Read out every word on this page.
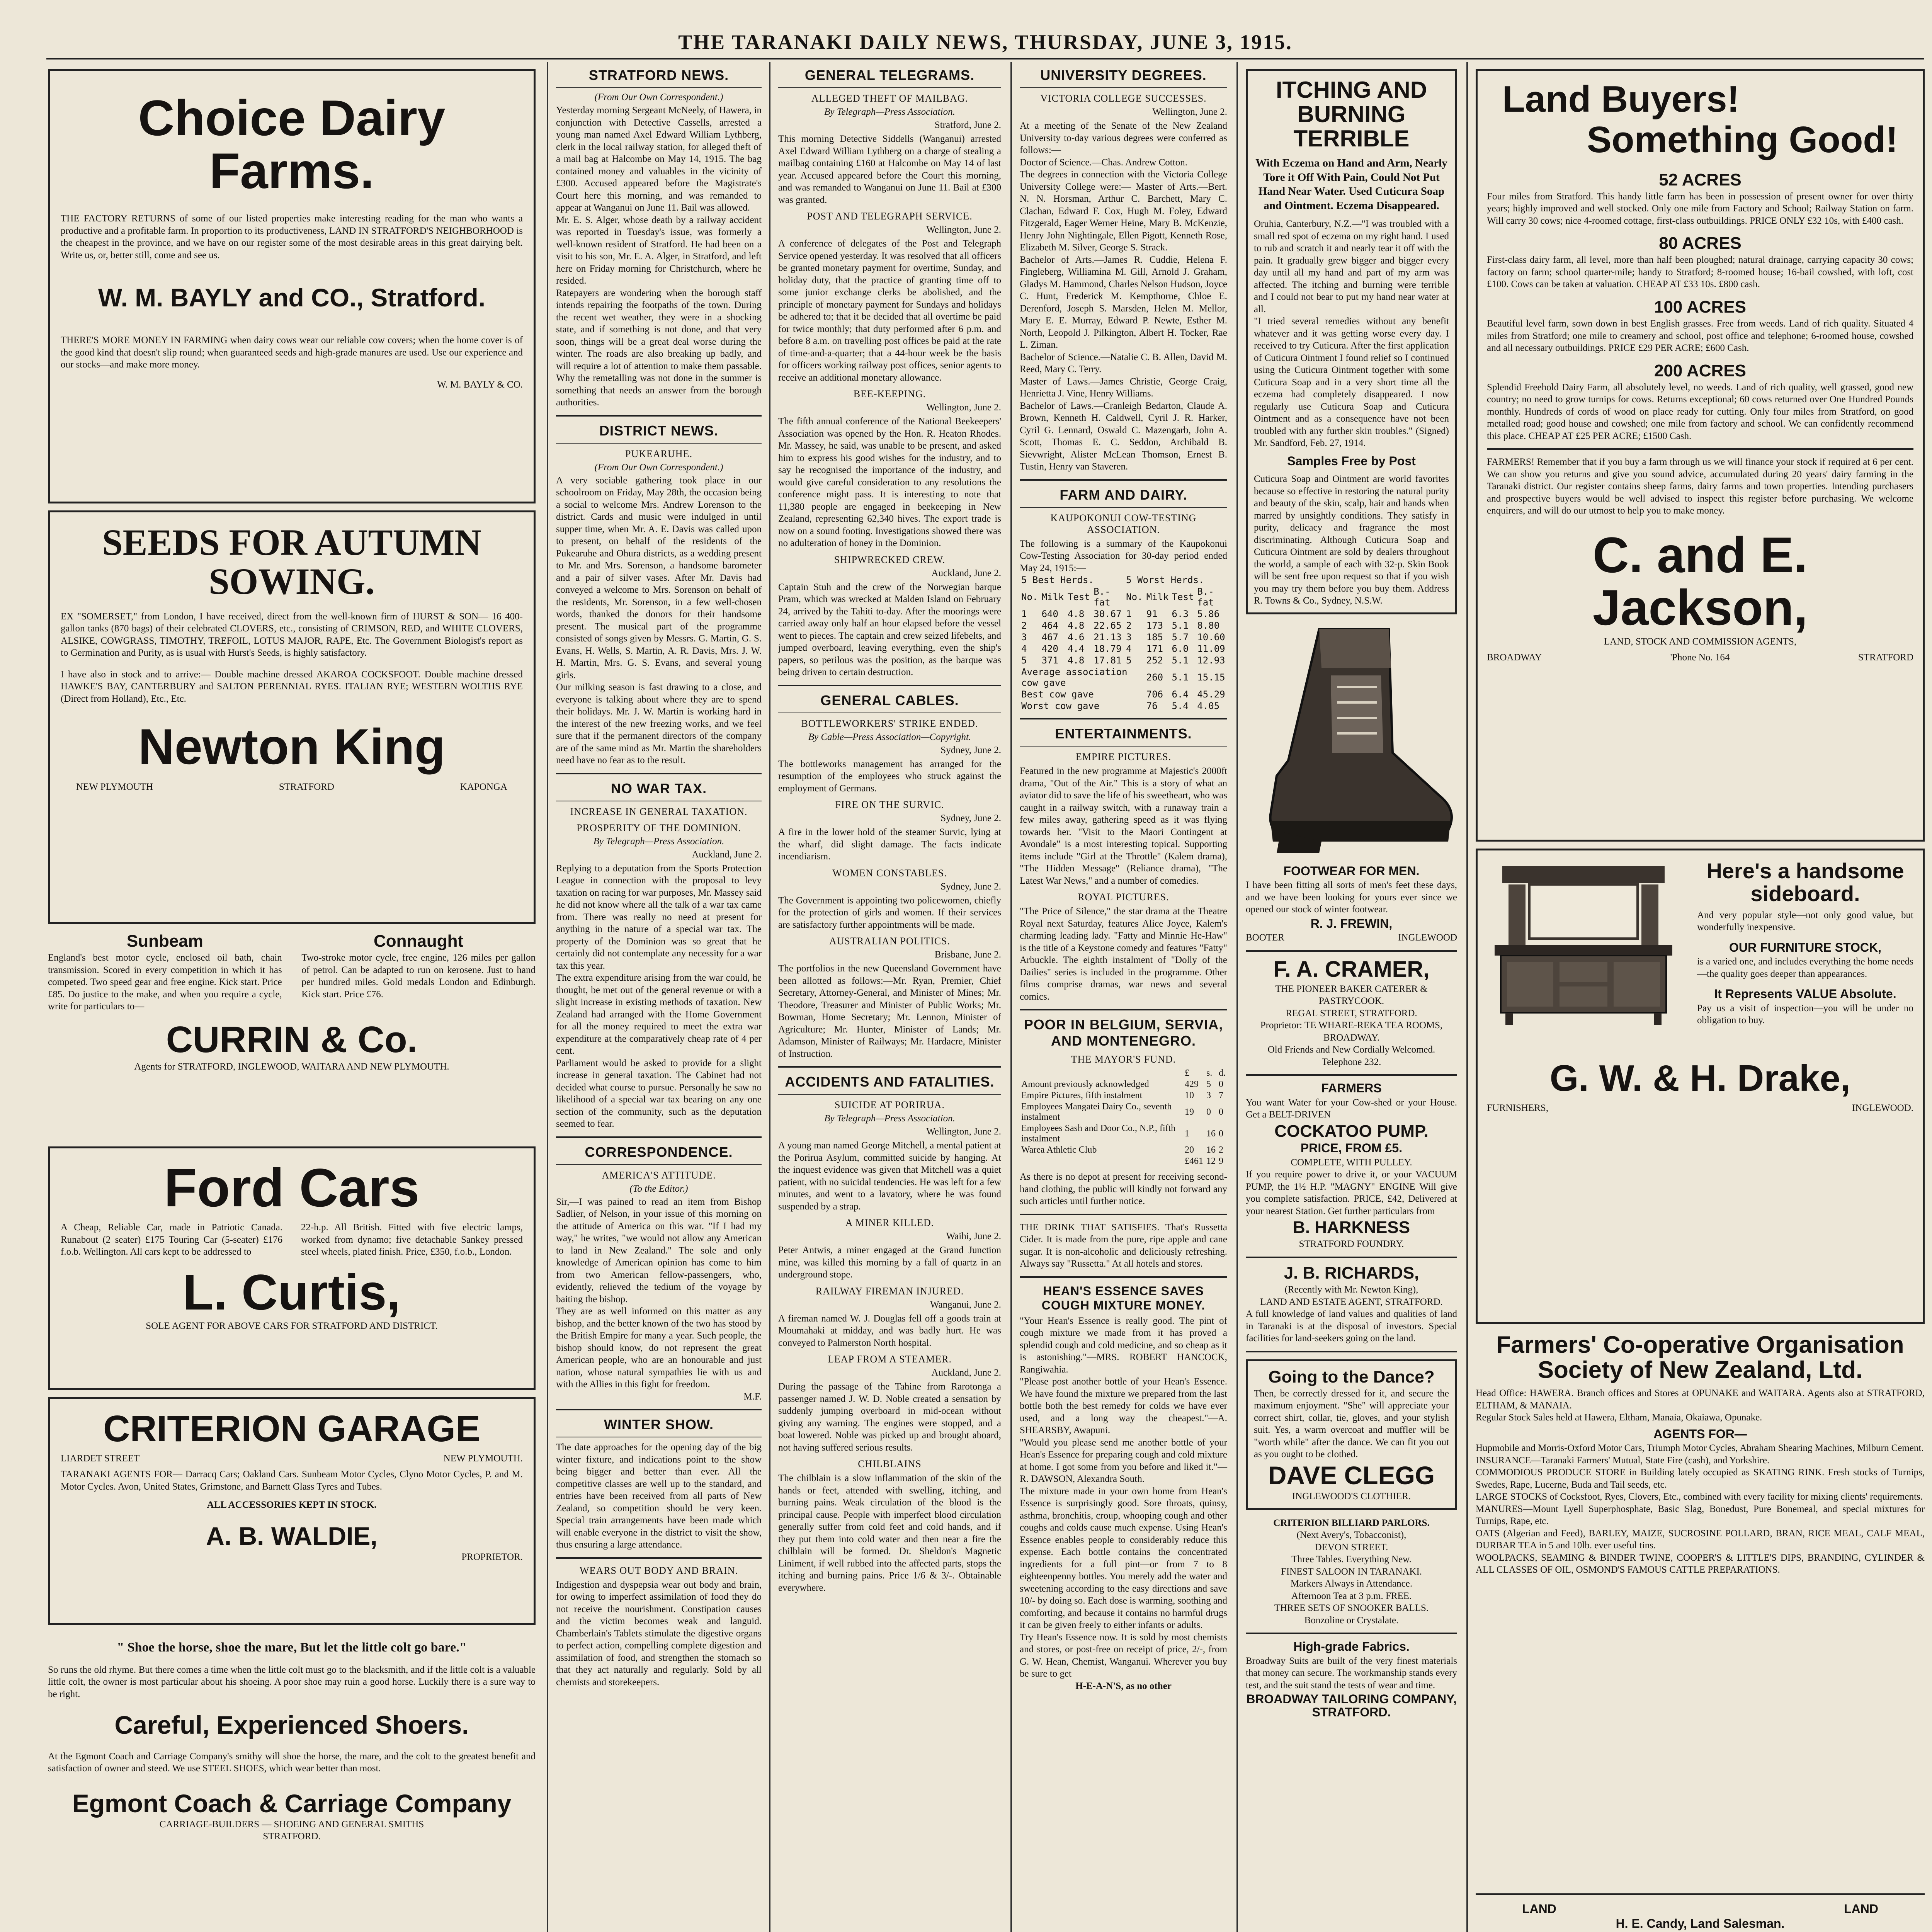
THE TARANAKI DAILY NEWS, THURSDAY, JUNE 3, 1915.
Choice Dairy Farms.

THE FACTORY RETURNS of some of our listed properties make interesting reading for the man who wants a productive and a profitable farm. In proportion to its productiveness, LAND IN STRATFORD'S NEIGHBORHOOD is the cheapest in the province, and we have on our register some of the most desirable areas in this great dairying belt. Write us, or, better still, come and see us.

W. M. BAYLY and CO., Stratford.

THERE'S MORE MONEY IN FARMING when dairy cows wear our reliable cow covers; when the home cover is of the good kind that doesn't slip round; when guaranteed seeds and high-grade manures are used. Use our experience and our stocks—and make more money.

W. M. BAYLY & CO.

SEEDS FOR AUTUMN SOWING.

EX "SOMERSET," from London, I have received, direct from the well-known firm of HURST & SON— 16 400-gallon tanks (870 bags) of their celebrated CLOVERS, etc., consisting of CRIMSON, RED, and WHITE CLOVERS, ALSIKE, COWGRASS, TIMOTHY, TREFOIL, LOTUS MAJOR, RAPE, Etc. The Government Biologist's report as to Germination and Purity, as is usual with Hurst's Seeds, is highly satisfactory.

I have also in stock and to arrive:— Double machine dressed AKAROA COCKSFOOT. Double machine dressed HAWKE'S BAY, CANTERBURY and SALTON PERENNIAL RYES. ITALIAN RYE; WESTERN WOLTHS RYE (Direct from Holland), Etc., Etc.

Newton King
NEW PLYMOUTH	STRATFORD	KAPONGA
Sunbeam

England's best motor cycle, enclosed oil bath, chain transmission. Scored in every competition in which it has competed. Two speed gear and free engine. Kick start. Price £85. Do justice to the make, and when you require a cycle, write for particulars to—

Connaught

Two-stroke motor cycle, free engine, 126 miles per gallon of petrol. Can be adapted to run on kerosene. Just to hand per hundred miles. Gold medals London and Edinburgh. Kick start. Price £76.

CURRIN & Co.

Agents for STRATFORD, INGLEWOOD, WAITARA AND NEW PLYMOUTH.

Ford Cars

A Cheap, Reliable Car, made in Patriotic Canada. Runabout (2 seater) £175 Touring Car (5-seater) £176 f.o.b. Wellington. All cars kept to be addressed to

22-h.p. All British. Fitted with five electric lamps, worked from dynamo; five detachable Sankey pressed steel wheels, plated finish. Price, £350, f.o.b., London.

L. Curtis,

SOLE AGENT FOR ABOVE CARS FOR STRATFORD AND DISTRICT.

CRITERION GARAGE
LIARDET STREET	NEW PLYMOUTH.

TARANAKI AGENTS FOR— Darracq Cars; Oakland Cars. Sunbeam Motor Cycles, Clyno Motor Cycles, P. and M. Motor Cycles. Avon, United States, Grimstone, and Barnett Glass Tyres and Tubes.

ALL ACCESSORIES KEPT IN STOCK.

A. B. WALDIE,

PROPRIETOR.

" Shoe the horse, shoe the mare, But let the little colt go bare."

So runs the old rhyme. But there comes a time when the little colt must go to the blacksmith, and if the little colt is a valuable little colt, the owner is most particular about his shoeing. A poor shoe may ruin a good horse. Luckily there is a sure way to be right.

Careful, Experienced Shoers.

At the Egmont Coach and Carriage Company's smithy will shoe the horse, the mare, and the colt to the greatest benefit and satisfaction of owner and steed. We use STEEL SHOES, which wear better than most.

Egmont Coach & Carriage Company

CARRIAGE-BUILDERS — SHOEING AND GENERAL SMITHS

STRATFORD.

STRATFORD NEWS.
(From Our Own Correspondent.)

Yesterday morning Sergeant McNeely, of Hawera, in conjunction with Detective Cassells, arrested a young man named Axel Edward William Lythberg, clerk in the local railway station, for alleged theft of a mail bag at Halcombe on May 14, 1915. The bag contained money and valuables in the vicinity of £300. Accused appeared before the Magistrate's Court here this morning, and was remanded to appear at Wanganui on June 11. Bail was allowed.

Mr. E. S. Alger, whose death by a railway accident was reported in Tuesday's issue, was formerly a well-known resident of Stratford. He had been on a visit to his son, Mr. E. A. Alger, in Stratford, and left here on Friday morning for Christchurch, where he resided.

Ratepayers are wondering when the borough staff intends repairing the footpaths of the town. During the recent wet weather, they were in a shocking state, and if something is not done, and that very soon, things will be a great deal worse during the winter. The roads are also breaking up badly, and will require a lot of attention to make them passable. Why the remetalling was not done in the summer is something that needs an answer from the borough authorities.

DISTRICT NEWS.
PUKEARUHE.
(From Our Own Correspondent.)

A very sociable gathering took place in our schoolroom on Friday, May 28th, the occasion being a social to welcome Mrs. Andrew Lorenson to the district. Cards and music were indulged in until supper time, when Mr. A. E. Davis was called upon to present, on behalf of the residents of the Pukearuhe and Ohura districts, as a wedding present to Mr. and Mrs. Sorenson, a handsome barometer and a pair of silver vases. After Mr. Davis had conveyed a welcome to Mrs. Sorenson on behalf of the residents, Mr. Sorenson, in a few well-chosen words, thanked the donors for their handsome present. The musical part of the programme consisted of songs given by Messrs. G. Martin, G. S. Evans, H. Wells, S. Martin, A. R. Davis, Mrs. J. W. H. Martin, Mrs. G. S. Evans, and several young girls.

Our milking season is fast drawing to a close, and everyone is talking about where they are to spend their holidays. Mr. J. W. Martin is working hard in the interest of the new freezing works, and we feel sure that if the permanent directors of the company are of the same mind as Mr. Martin the shareholders need have no fear as to the result.

NO WAR TAX.
INCREASE IN GENERAL TAXATION.
PROSPERITY OF THE DOMINION.
By Telegraph—Press Association.
Auckland, June 2.

Replying to a deputation from the Sports Protection League in connection with the proposal to levy taxation on racing for war purposes, Mr. Massey said he did not know where all the talk of a war tax came from. There was really no need at present for anything in the nature of a special war tax. The property of the Dominion was so great that he certainly did not contemplate any necessity for a war tax this year.

The extra expenditure arising from the war could, he thought, be met out of the general revenue or with a slight increase in existing methods of taxation. New Zealand had arranged with the Home Government for all the money required to meet the extra war expenditure at the comparatively cheap rate of 4 per cent.

Parliament would be asked to provide for a slight increase in general taxation. The Cabinet had not decided what course to pursue. Personally he saw no likelihood of a special war tax bearing on any one section of the community, such as the deputation seemed to fear.

CORRESPONDENCE.
AMERICA'S ATTITUDE.
(To the Editor.)

Sir,—I was pained to read an item from Bishop Sadlier, of Nelson, in your issue of this morning on the attitude of America on this war. "If I had my way," he writes, "we would not allow any American to land in New Zealand." The sole and only knowledge of American opinion has come to him from two American fellow-passengers, who, evidently, relieved the tedium of the voyage by baiting the bishop.

They are as well informed on this matter as any bishop, and the better known of the two has stood by the British Empire for many a year. Such people, the bishop should know, do not represent the great American people, who are an honourable and just nation, whose natural sympathies lie with us and with the Allies in this fight for freedom.

M.F.

WINTER SHOW.

The date approaches for the opening day of the big winter fixture, and indications point to the show being bigger and better than ever. All the competitive classes are well up to the standard, and entries have been received from all parts of New Zealand, so competition should be very keen. Special train arrangements have been made which will enable everyone in the district to visit the show, thus ensuring a large attendance.

WEARS OUT BODY AND BRAIN.

Indigestion and dyspepsia wear out body and brain, for owing to imperfect assimilation of food they do not receive the nourishment. Constipation causes and the victim becomes weak and languid. Chamberlain's Tablets stimulate the digestive organs to perfect action, compelling complete digestion and assimilation of food, and strengthen the stomach so that they act naturally and regularly. Sold by all chemists and storekeepers.

GENERAL TELEGRAMS.
ALLEGED THEFT OF MAILBAG.
By Telegraph—Press Association.
Stratford, June 2.

This morning Detective Siddells (Wanganui) arrested Axel Edward William Lythberg on a charge of stealing a mailbag containing £160 at Halcombe on May 14 of last year. Accused appeared before the Court this morning, and was remanded to Wanganui on June 11. Bail at £300 was granted.

POST AND TELEGRAPH SERVICE.
Wellington, June 2.

A conference of delegates of the Post and Telegraph Service opened yesterday. It was resolved that all officers be granted monetary payment for overtime, Sunday, and holiday duty, that the practice of granting time off to some junior exchange clerks be abolished, and the principle of monetary payment for Sundays and holidays be adhered to; that it be decided that all overtime be paid for twice monthly; that duty performed after 6 p.m. and before 8 a.m. on travelling post offices be paid at the rate of time-and-a-quarter; that a 44-hour week be the basis for officers working railway post offices, senior agents to receive an additional monetary allowance.

BEE-KEEPING.
Wellington, June 2.

The fifth annual conference of the National Beekeepers' Association was opened by the Hon. R. Heaton Rhodes. Mr. Massey, he said, was unable to be present, and asked him to express his good wishes for the industry, and to say he recognised the importance of the industry, and would give careful consideration to any resolutions the conference might pass. It is interesting to note that 11,380 people are engaged in beekeeping in New Zealand, representing 62,340 hives. The export trade is now on a sound footing. Investigations showed there was no adulteration of honey in the Dominion.

SHIPWRECKED CREW.
Auckland, June 2.

Captain Stuh and the crew of the Norwegian barque Pram, which was wrecked at Malden Island on February 24, arrived by the Tahiti to-day. After the moorings were carried away only half an hour elapsed before the vessel went to pieces. The captain and crew seized lifebelts, and jumped overboard, leaving everything, even the ship's papers, so perilous was the position, as the barque was being driven to certain destruction.

GENERAL CABLES.
BOTTLEWORKERS' STRIKE ENDED.
By Cable—Press Association—Copyright.
Sydney, June 2.

The bottleworks management has arranged for the resumption of the employees who struck against the employment of Germans.

FIRE ON THE SURVIC.
Sydney, June 2.

A fire in the lower hold of the steamer Survic, lying at the wharf, did slight damage. The facts indicate incendiarism.

WOMEN CONSTABLES.
Sydney, June 2.

The Government is appointing two policewomen, chiefly for the protection of girls and women. If their services are satisfactory further appointments will be made.

AUSTRALIAN POLITICS.
Brisbane, June 2.

The portfolios in the new Queensland Government have been allotted as follows:—Mr. Ryan, Premier, Chief Secretary, Attorney-General, and Minister of Mines; Mr. Theodore, Treasurer and Minister of Public Works; Mr. Bowman, Home Secretary; Mr. Lennon, Minister of Agriculture; Mr. Hunter, Minister of Lands; Mr. Adamson, Minister of Railways; Mr. Hardacre, Minister of Instruction.

ACCIDENTS AND FATALITIES.
SUICIDE AT PORIRUA.
By Telegraph—Press Association.
Wellington, June 2.

A young man named George Mitchell, a mental patient at the Porirua Asylum, committed suicide by hanging. At the inquest evidence was given that Mitchell was a quiet patient, with no suicidal tendencies. He was left for a few minutes, and went to a lavatory, where he was found suspended by a strap.

A MINER KILLED.
Waihi, June 2.

Peter Antwis, a miner engaged at the Grand Junction mine, was killed this morning by a fall of quartz in an underground stope.

RAILWAY FIREMAN INJURED.
Wanganui, June 2.

A fireman named W. J. Douglas fell off a goods train at Moumahaki at midday, and was badly hurt. He was conveyed to Palmerston North hospital.

LEAP FROM A STEAMER.
Auckland, June 2.

During the passage of the Tahine from Rarotonga a passenger named J. W. D. Noble created a sensation by suddenly jumping overboard in mid-ocean without giving any warning. The engines were stopped, and a boat lowered. Noble was picked up and brought aboard, not having suffered serious results.

CHILBLAINS

The chilblain is a slow inflammation of the skin of the hands or feet, attended with swelling, itching, and burning pains. Weak circulation of the blood is the principal cause. People with imperfect blood circulation generally suffer from cold feet and cold hands, and if they put them into cold water and then near a fire the chilblain will be formed. Dr. Sheldon's Magnetic Liniment, if well rubbed into the affected parts, stops the itching and burning pains. Price 1/6 & 3/-. Obtainable everywhere.

UNIVERSITY DEGREES.
VICTORIA COLLEGE SUCCESSES.
Wellington, June 2.

At a meeting of the Senate of the New Zealand University to-day various degrees were conferred as follows:—

Doctor of Science.—Chas. Andrew Cotton.

The degrees in connection with the Victoria College University College were:— Master of Arts.—Bert. N. N. Horsman, Arthur C. Barchett, Mary C. Clachan, Edward F. Cox, Hugh M. Foley, Edward Fitzgerald, Eager Werner Heine, Mary B. McKenzie, Henry John Nightingale, Ellen Pigott, Kenneth Rose, Elizabeth M. Silver, George S. Strack.

Bachelor of Arts.—James R. Cuddie, Helena F. Fingleberg, Williamina M. Gill, Arnold J. Graham, Gladys M. Hammond, Charles Nelson Hudson, Joyce C. Hunt, Frederick M. Kempthorne, Chloe E. Derenford, Joseph S. Marsden, Helen M. Mellor, Mary E. E. Murray, Edward P. Newte, Esther M. North, Leopold J. Pilkington, Albert H. Tocker, Rae L. Ziman.

Bachelor of Science.—Natalie C. B. Allen, David M. Reed, Mary C. Terry.

Master of Laws.—James Christie, George Craig, Henrietta J. Vine, Henry Williams.

Bachelor of Laws.—Cranleigh Bedarton, Claude A. Brown, Kenneth H. Caldwell, Cyril J. R. Harker, Cyril G. Lennard, Oswald C. Mazengarb, John A. Scott, Thomas E. C. Seddon, Archibald B. Sievwright, Alister McLean Thomson, Ernest B. Tustin, Henry van Staveren.

FARM AND DAIRY.
KAUPOKONUI COW-TESTING ASSOCIATION.

The following is a summary of the Kaupokonui Cow-Testing Association for 30-day period ended May 24, 1915:—

5 Best Herds.				5 Worst Herds.			
No.	Milk	Test	B.-fat	No.	Milk	Test	B.-fat
1	640	4.8	30.67	1	91	6.3	5.86
2	464	4.8	22.65	2	173	5.1	8.80
3	467	4.6	21.13	3	185	5.7	10.60
4	420	4.4	18.79	4	171	6.0	11.09
5	371	4.8	17.81	5	252	5.1	12.93
Average association cow gave					260	5.1	15.15
Best cow gave					706	6.4	45.29
Worst cow gave					76	5.4	4.05
ENTERTAINMENTS.
EMPIRE PICTURES.

Featured in the new programme at Majestic's 2000ft drama, "Out of the Air." This is a story of what an aviator did to save the life of his sweetheart, who was caught in a railway switch, with a runaway train a few miles away, gathering speed as it was flying towards her. "Visit to the Maori Contingent at Avondale" is a most interesting topical. Supporting items include "Girl at the Throttle" (Kalem drama), "The Hidden Message" (Reliance drama), "The Latest War News," and a number of comedies.

ROYAL PICTURES.

"The Price of Silence," the star drama at the Theatre Royal next Saturday, features Alice Joyce, Kalem's charming leading lady. "Fatty and Minnie He-Haw" is the title of a Keystone comedy and features "Fatty" Arbuckle. The eighth instalment of "Dolly of the Dailies" series is included in the programme. Other films comprise dramas, war news and several comics.

POOR IN BELGIUM, SERVIA, AND MONTENEGRO.
THE MAYOR'S FUND.
	£	s.	d.
Amount previously acknowledged	429	5	0
Empire Pictures, fifth instalment	10	3	7
Employees Mangatei Dairy Co., seventh instalment	19	0	0
Employees Sash and Door Co., N.P., fifth instalment	1	16	0
Warea Athletic Club	20	16	2
	£461	12	9

As there is no depot at present for receiving second-hand clothing, the public will kindly not forward any such articles until further notice.

THE DRINK THAT SATISFIES. That's Russetta Cider. It is made from the pure, ripe apple and cane sugar. It is non-alcoholic and deliciously refreshing. Always say "Russetta." At all hotels and stores.

HEAN'S ESSENCE SAVES COUGH MIXTURE MONEY.

"Your Hean's Essence is really good. The pint of cough mixture we made from it has proved a splendid cough and cold medicine, and so cheap as it is astonishing."—MRS. ROBERT HANCOCK, Rangiwahia.

"Please post another bottle of your Hean's Essence. We have found the mixture we prepared from the last bottle both the best remedy for colds we have ever used, and a long way the cheapest."—A. SHEARSBY, Awapuni.

"Would you please send me another bottle of your Hean's Essence for preparing cough and cold mixture at home. I got some from you before and liked it."—R. DAWSON, Alexandra South.

The mixture made in your own home from Hean's Essence is surprisingly good. Sore throats, quinsy, asthma, bronchitis, croup, whooping cough and other coughs and colds cause much expense. Using Hean's Essence enables people to considerably reduce this expense. Each bottle contains the concentrated ingredients for a full pint—or from 7 to 8 eighteenpenny bottles. You merely add the water and sweetening according to the easy directions and save 10/- by doing so. Each dose is warming, soothing and comforting, and because it contains no harmful drugs it can be given freely to either infants or adults.

Try Hean's Essence now. It is sold by most chemists and stores, or post-free on receipt of price, 2/-, from G. W. Hean, Chemist, Wanganui. Wherever you buy be sure to get

H-E-A-N'S, as no other

ITCHING AND BURNING TERRIBLE

With Eczema on Hand and Arm, Nearly Tore it Off With Pain, Could Not Put Hand Near Water. Used Cuticura Soap and Ointment. Eczema Disappeared.

Oruhia, Canterbury, N.Z.—"I was troubled with a small red spot of eczema on my right hand. I used to rub and scratch it and nearly tear it off with the pain. It gradually grew bigger and bigger every day until all my hand and part of my arm was affected. The itching and burning were terrible and I could not bear to put my hand near water at all.

"I tried several remedies without any benefit whatever and it was getting worse every day. I received to try Cuticura. After the first application of Cuticura Ointment I found relief so I continued using the Cuticura Ointment together with some Cuticura Soap and in a very short time all the eczema had completely disappeared. I now regularly use Cuticura Soap and Cuticura Ointment and as a consequence have not been troubled with any further skin troubles." (Signed) Mr. Sandford, Feb. 27, 1914.

Samples Free by Post

Cuticura Soap and Ointment are world favorites because so effective in restoring the natural purity and beauty of the skin, scalp, hair and hands when marred by unsightly conditions. They satisfy in purity, delicacy and fragrance the most discriminating. Although Cuticura Soap and Cuticura Ointment are sold by dealers throughout the world, a sample of each with 32-p. Skin Book will be sent free upon request so that if you wish you may try them before you buy them. Address R. Towns & Co., Sydney, N.S.W.

FOOTWEAR FOR MEN.

I have been fitting all sorts of men's feet these days, and we have been looking for yours ever since we opened our stock of winter footwear.

R. J. FREWIN,
BOOTER	INGLEWOOD
F. A. CRAMER,

THE PIONEER BAKER CATERER & PASTRYCOOK.

REGAL STREET, STRATFORD.

Proprietor: TE WHARE-REKA TEA ROOMS, BROADWAY.

Old Friends and New Cordially Welcomed.

Telephone 232.

FARMERS

You want Water for your Cow-shed or your House. Get a BELT-DRIVEN

COCKATOO PUMP.
PRICE, FROM £5.

COMPLETE, WITH PULLEY.

If you require power to drive it, or your VACUUM PUMP, the 1½ H.P. "MAGNY" ENGINE Will give you complete satisfaction. PRICE, £42, Delivered at your nearest Station. Get further particulars from

B. HARKNESS

STRATFORD FOUNDRY.

J. B. RICHARDS,

(Recently with Mr. Newton King),

LAND AND ESTATE AGENT, STRATFORD.

A full knowledge of land values and qualities of land in Taranaki is at the disposal of investors. Special facilities for land-seekers going on the land.

Going to the Dance?

Then, be correctly dressed for it, and secure the maximum enjoyment. "She" will appreciate your correct shirt, collar, tie, gloves, and your stylish suit. Yes, a warm overcoat and muffler will be "worth while" after the dance. We can fit you out as you ought to be clothed.

DAVE CLEGG

INGLEWOOD'S CLOTHIER.

CRITERION BILLIARD PARLORS.

(Next Avery's, Tobacconist),

DEVON STREET.

Three Tables. Everything New.

FINEST SALOON IN TARANAKI.

Markers Always in Attendance.

Afternoon Tea at 3 p.m. FREE.

THREE SETS OF SNOOKER BALLS.

Bonzoline or Crystalate.

High-grade Fabrics.

Broadway Suits are built of the very finest materials that money can secure. The workmanship stands every test, and the suit stand the tests of wear and time.

BROADWAY TAILORING COMPANY, STRATFORD.
Land Buyers!
Something Good!
52 ACRES

Four miles from Stratford. This handy little farm has been in possession of present owner for over thirty years; highly improved and well stocked. Only one mile from Factory and School; Railway Station on farm. Will carry 30 cows; nice 4-roomed cottage, first-class outbuildings. PRICE ONLY £32 10s, with £400 cash.

80 ACRES

First-class dairy farm, all level, more than half been ploughed; natural drainage, carrying capacity 30 cows; factory on farm; school quarter-mile; handy to Stratford; 8-roomed house; 16-bail cowshed, with loft, cost £100. Cows can be taken at valuation. CHEAP AT £33 10s. £800 cash.

100 ACRES

Beautiful level farm, sown down in best English grasses. Free from weeds. Land of rich quality. Situated 4 miles from Stratford; one mile to creamery and school, post office and telephone; 6-roomed house, cowshed and all necessary outbuildings. PRICE £29 PER ACRE; £600 Cash.

200 ACRES

Splendid Freehold Dairy Farm, all absolutely level, no weeds. Land of rich quality, well grassed, good new country; no need to grow turnips for cows. Returns exceptional; 60 cows returned over One Hundred Pounds monthly. Hundreds of cords of wood on place ready for cutting. Only four miles from Stratford, on good metalled road; good house and cowshed; one mile from factory and school. We can confidently recommend this place. CHEAP AT £25 PER ACRE; £1500 Cash.

FARMERS! Remember that if you buy a farm through us we will finance your stock if required at 6 per cent. We can show you returns and give you sound advice, accumulated during 20 years' dairy farming in the Taranaki district. Our register contains sheep farms, dairy farms and town properties. Intending purchasers and prospective buyers would be well advised to inspect this register before purchasing. We welcome enquirers, and will do our utmost to help you to make money.

C. and E. Jackson,

LAND, STOCK AND COMMISSION AGENTS,

BROADWAY	'Phone No. 164	STRATFORD
Here's a handsome sideboard.

And very popular style—not only good value, but wonderfully inexpensive.

OUR FURNITURE STOCK,

is a varied one, and includes everything the home needs—the quality goes deeper than appearances.

It Represents VALUE Absolute.

Pay us a visit of inspection—you will be under no obligation to buy.

G. W. & H. Drake,
FURNISHERS,	INGLEWOOD.
Farmers' Co-operative Organisation Society of New Zealand, Ltd.

Head Office: HAWERA. Branch offices and Stores at OPUNAKE and WAITARA. Agents also at STRATFORD, ELTHAM, & MANAIA.

Regular Stock Sales held at Hawera, Eltham, Manaia, Okaiawa, Opunake.

AGENTS FOR—

Hupmobile and Morris-Oxford Motor Cars, Triumph Motor Cycles, Abraham Shearing Machines, Milburn Cement.

INSURANCE—Taranaki Farmers' Mutual, State Fire (cash), and Yorkshire.

COMMODIOUS PRODUCE STORE in Building lately occupied as SKATING RINK. Fresh stocks of Turnips, Swedes, Rape, Lucerne, Buda and Tail seeds, etc.

LARGE STOCKS of Cocksfoot, Ryes, Clovers, Etc., combined with every facility for mixing clients' requirements.

MANURES—Mount Lyell Superphosphate, Basic Slag, Bonedust, Pure Bonemeal, and special mixtures for Turnips, Rape, etc.

OATS (Algerian and Feed), BARLEY, MAIZE, SUCROSINE POLLARD, BRAN, RICE MEAL, CALF MEAL, DURBAR TEA in 5 and 10lb. ever useful tins.

WOOLPACKS, SEAMING & BINDER TWINE, COOPER'S & LITTLE'S DIPS, BRANDING, CYLINDER & ALL CLASSES OF OIL, OSMOND'S FAMOUS CATTLE PREPARATIONS.

LAND	LAND
H. E. Candy, Land Salesman.
